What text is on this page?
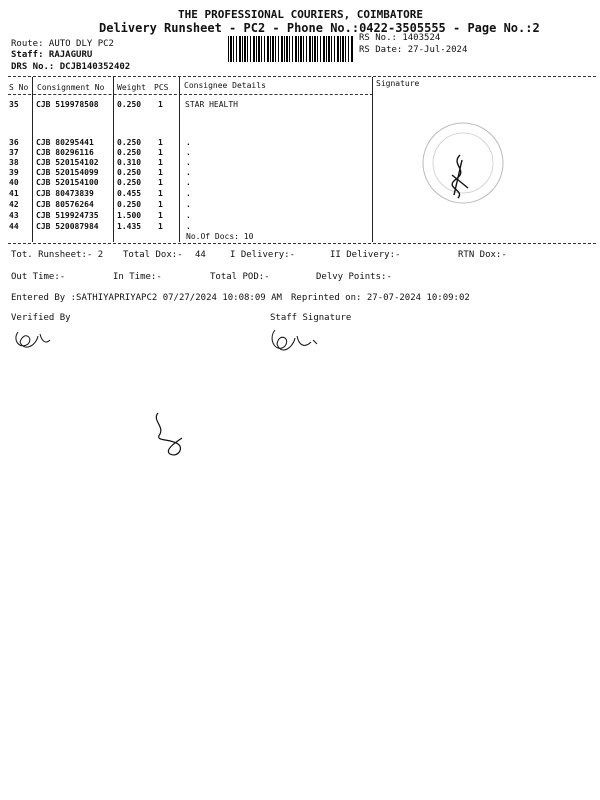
THE PROFESSIONAL COURIERS, COIMBATORE
Delivery Runsheet - PC2 - Phone No.:0422-3505555 - Page No.:2
Route: AUTO DLY PC2
Staff: RAJAGURU
DRS No.: DCJB140352402
RS No.: 1403524
RS Date: 27-Jul-2024
S No Consignment No Weight PCS Consignee Details	Signature
35 CJB 519978508 0.250 1	STAR HEALTH
36 CJB 80295441	0.250 1	.
37 CJB 80296116	0.250 1	.
38 CJB 520154102 0.310 1	.
39 CJB 520154099 0.250 1	.
40 CJB 520154100 0.250 1	.
41 CJB 80473839	0.455 1	.
42 CJB 80576264	0.250 1	.
43 CJB 519924735 1.500 1	.
44 CJB 520087984 1.435 1	.
No.Of Docs: 10
Tot. Runsheet:- 2 Total Dox:- 44	I Delivery:-	II Delivery:-	RTN Dox:-
Out Time:-	In Time:-	Total POD:-	Delvy Points:-
Entered By :SATHIYAPRIYAPC2 07/27/2024 10:08:09 AM Reprinted on: 27-07-2024 10:09:02
Verified By	Staff Signature
